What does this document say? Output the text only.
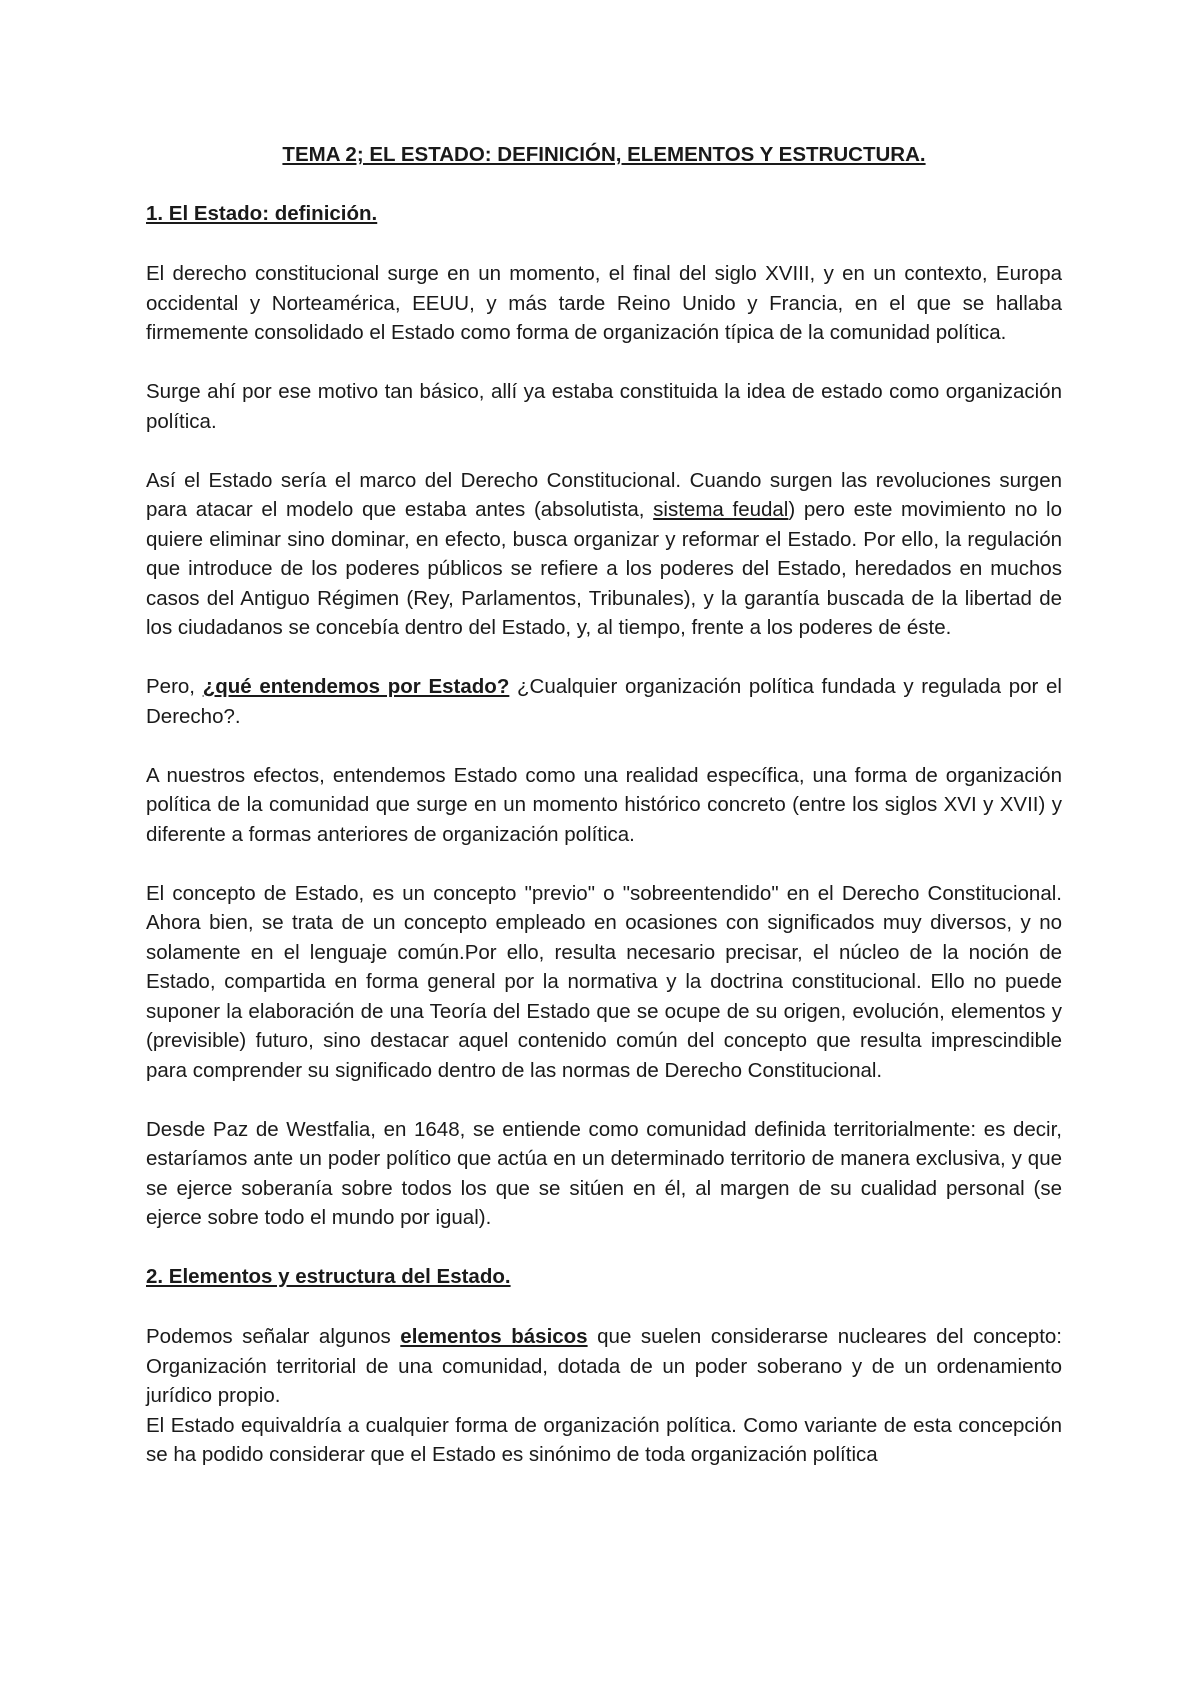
TEMA 2; EL ESTADO: DEFINICIÓN, ELEMENTOS Y ESTRUCTURA.
1. El Estado: definición.

El derecho constitucional surge en un momento, el final del siglo XVIII, y en un contexto, Europa occidental y Norteamérica, EEUU, y más tarde Reino Unido y Francia, en el que se hallaba firmemente consolidado el Estado como forma de organización típica de la comunidad política.

Surge ahí por ese motivo tan básico, allí ya estaba constituida la idea de estado como organización política.

Así el Estado sería el marco del Derecho Constitucional. Cuando surgen las revoluciones surgen para atacar el modelo que estaba antes (absolutista, sistema feudal) pero este movimiento no lo quiere eliminar sino dominar, en efecto, busca organizar y reformar el Estado. Por ello, la regulación que introduce de los poderes públicos se refiere a los poderes del Estado, heredados en muchos casos del Antiguo Régimen (Rey, Parlamentos, Tribunales), y la garantía buscada de la libertad de los ciudadanos se concebía dentro del Estado, y, al tiempo, frente a los poderes de éste.

Pero, ¿qué entendemos por Estado? ¿Cualquier organización política fundada y regulada por el Derecho?.

A nuestros efectos, entendemos Estado como una realidad específica, una forma de organización política de la comunidad que surge en un momento histórico concreto (entre los siglos XVI y XVII) y diferente a formas anteriores de organización política.

El concepto de Estado, es un concepto "previo" o "sobreentendido" en el Derecho Constitucional. Ahora bien, se trata de un concepto empleado en ocasiones con significados muy diversos, y no solamente en el lenguaje común.Por ello, resulta necesario precisar, el núcleo de la noción de Estado, compartida en forma general por la normativa y la doctrina constitucional. Ello no puede suponer la elaboración de una Teoría del Estado que se ocupe de su origen, evolución, elementos y (previsible) futuro, sino destacar aquel contenido común del concepto que resulta imprescindible para comprender su significado dentro de las normas de Derecho Constitucional.

Desde Paz de Westfalia, en 1648, se entiende como comunidad definida territorialmente: es decir, estaríamos ante un poder político que actúa en un determinado territorio de manera exclusiva, y que se ejerce soberanía sobre todos los que se sitúen en él, al margen de su cualidad personal (se ejerce sobre todo el mundo por igual).

2. Elementos y estructura del Estado.

Podemos señalar algunos elementos básicos que suelen considerarse nucleares del concepto: Organización territorial de una comunidad, dotada de un poder soberano y de un ordenamiento jurídico propio.

El Estado equivaldría a cualquier forma de organización política. Como variante de esta concepción se ha podido considerar que el Estado es sinónimo de toda organización política
